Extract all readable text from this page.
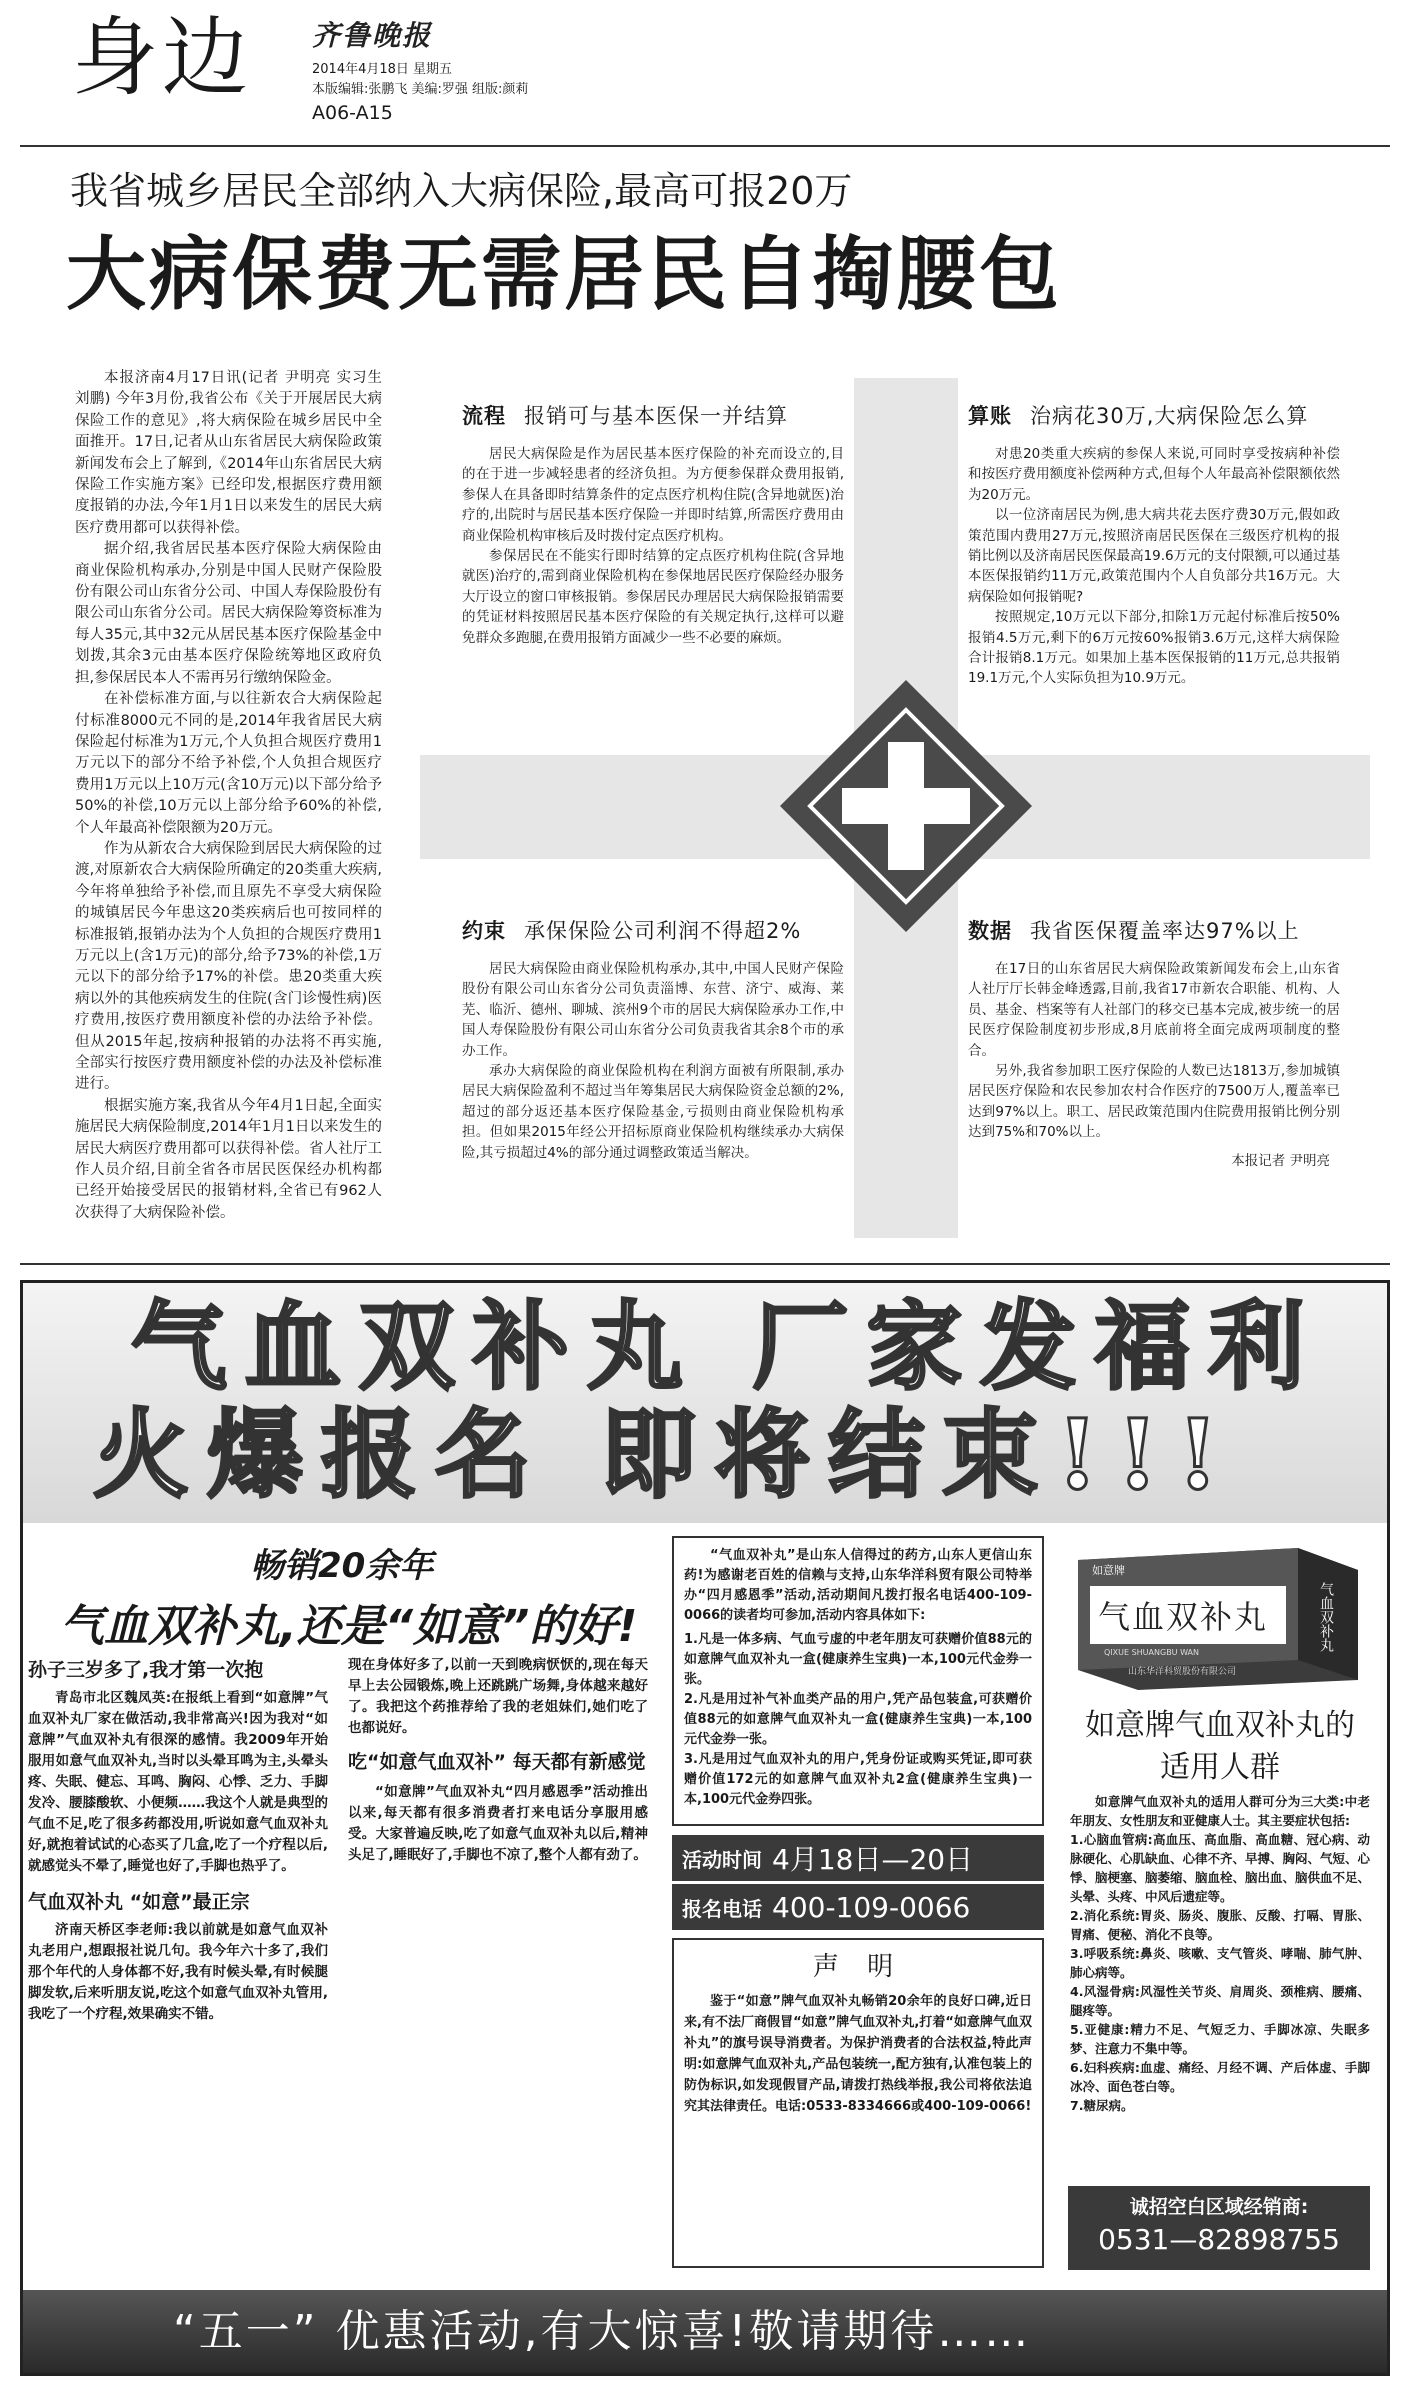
身边 齐鲁晚报
2014年4月18日 星期五
本版编辑:张鹏飞 美编:罗强 组版:颜莉
A06-A15
我省城乡居民全部纳入大病保险,最高可报20万
大病保费无需居民自掏腰包

本报济南4月17日讯(记者 尹明亮 实习生 刘鹏) 今年3月份,我省公布《关于开展居民大病保险工作的意见》,将大病保险在城乡居民中全面推开。17日,记者从山东省居民大病保险政策新闻发布会上了解到,《2014年山东省居民大病保险工作实施方案》已经印发,根据医疗费用额度报销的办法,今年1月1日以来发生的居民大病医疗费用都可以获得补偿。

据介绍,我省居民基本医疗保险大病保险由商业保险机构承办,分别是中国人民财产保险股份有限公司山东省分公司、中国人寿保险股份有限公司山东省分公司。居民大病保险筹资标准为每人35元,其中32元从居民基本医疗保险基金中划拨,其余3元由基本医疗保险统筹地区政府负担,参保居民本人不需再另行缴纳保险金。

在补偿标准方面,与以往新农合大病保险起付标准8000元不同的是,2014年我省居民大病保险起付标准为1万元,个人负担合规医疗费用1万元以下的部分不给予补偿,个人负担合规医疗费用1万元以上10万元(含10万元)以下部分给予50%的补偿,10万元以上部分给予60%的补偿,个人年最高补偿限额为20万元。

作为从新农合大病保险到居民大病保险的过渡,对原新农合大病保险所确定的20类重大疾病,今年将单独给予补偿,而且原先不享受大病保险的城镇居民今年患这20类疾病后也可按同样的标准报销,报销办法为个人负担的合规医疗费用1万元以上(含1万元)的部分,给予73%的补偿,1万元以下的部分给予17%的补偿。患20类重大疾病以外的其他疾病发生的住院(含门诊慢性病)医疗费用,按医疗费用额度补偿的办法给予补偿。但从2015年起,按病种报销的办法将不再实施,全部实行按医疗费用额度补偿的办法及补偿标准进行。

根据实施方案,我省从今年4月1日起,全面实施居民大病保险制度,2014年1月1日以来发生的居民大病医疗费用都可以获得补偿。省人社厅工作人员介绍,目前全省各市居民医保经办机构都已经开始接受居民的报销材料,全省已有962人次获得了大病保险补偿。

流程 报销可与基本医保一并结算

居民大病保险是作为居民基本医疗保险的补充而设立的,目的在于进一步减轻患者的经济负担。为方便参保群众费用报销,参保人在具备即时结算条件的定点医疗机构住院(含异地就医)治疗的,出院时与居民基本医疗保险一并即时结算,所需医疗费用由商业保险机构审核后及时拨付定点医疗机构。

参保居民在不能实行即时结算的定点医疗机构住院(含异地就医)治疗的,需到商业保险机构在参保地居民医疗保险经办服务大厅设立的窗口审核报销。参保居民办理居民大病保险报销需要的凭证材料按照居民基本医疗保险的有关规定执行,这样可以避免群众多跑腿,在费用报销方面减少一些不必要的麻烦。

算账 治病花30万,大病保险怎么算

对患20类重大疾病的参保人来说,可同时享受按病种补偿和按医疗费用额度补偿两种方式,但每个人年最高补偿限额依然为20万元。

以一位济南居民为例,患大病共花去医疗费30万元,假如政策范围内费用27万元,按照济南居民医保在三级医疗机构的报销比例以及济南居民医保最高19.6万元的支付限额,可以通过基本医保报销约11万元,政策范围内个人自负部分共16万元。大病保险如何报销呢?

按照规定,10万元以下部分,扣除1万元起付标准后按50%报销4.5万元,剩下的6万元按60%报销3.6万元,这样大病保险合计报销8.1万元。如果加上基本医保报销的11万元,总共报销19.1万元,个人实际负担为10.9万元。

约束 承保保险公司利润不得超2%

居民大病保险由商业保险机构承办,其中,中国人民财产保险股份有限公司山东省分公司负责淄博、东营、济宁、威海、莱芜、临沂、德州、聊城、滨州9个市的居民大病保险承办工作,中国人寿保险股份有限公司山东省分公司负责我省其余8个市的承办工作。

承办大病保险的商业保险机构在利润方面被有所限制,承办居民大病保险盈利不超过当年筹集居民大病保险资金总额的2%,超过的部分返还基本医疗保险基金,亏损则由商业保险机构承担。但如果2015年经公开招标原商业保险机构继续承办大病保险,其亏损超过4%的部分通过调整政策适当解决。

数据 我省医保覆盖率达97%以上

在17日的山东省居民大病保险政策新闻发布会上,山东省人社厅厅长韩金峰透露,目前,我省17市新农合职能、机构、人员、基金、档案等有人社部门的移交已基本完成,被步统一的居民医疗保险制度初步形成,8月底前将全面完成两项制度的整合。

另外,我省参加职工医疗保险的人数已达1813万,参加城镇居民医疗保险和农民参加农村合作医疗的7500万人,覆盖率已达到97%以上。职工、居民政策范围内住院费用报销比例分别达到75%和70%以上。

本报记者 尹明亮

气血双补丸 厂家发福利
火爆报名 即将结束!!!
畅销20余年
气血双补丸,还是“如意”的好!
孙子三岁多了,我才第一次抱
青岛市北区魏凤英:在报纸上看到“如意牌”气血双补丸厂家在做活动,我非常高兴!因为我对“如意牌”气血双补丸有很深的感情。我2009年开始服用如意气血双补丸,当时以头晕耳鸣为主,头晕头疼、失眠、健忘、耳鸣、胸闷、心悸、乏力、手脚发冷、腰膝酸软、小便频……我这个人就是典型的气血不足,吃了很多药都没用,听说如意气血双补丸好,就抱着试试的心态买了几盒,吃了一个疗程以后,就感觉头不晕了,睡觉也好了,手脚也热乎了。
气血双补丸 “如意”最正宗
济南天桥区李老师:我以前就是如意气血双补丸老用户,想跟报社说几句。我今年六十多了,我们那个年代的人身体都不好,我有时候头晕,有时候腿脚发软,后来听朋友说,吃这个如意气血双补丸管用,我吃了一个疗程,效果确实不错。
现在身体好多了,以前一天到晚病恹恹的,现在每天早上去公园锻炼,晚上还跳跳广场舞,身体越来越好了。我把这个药推荐给了我的老姐妹们,她们吃了也都说好。
吃“如意气血双补” 每天都有新感觉
“如意牌”气血双补丸“四月感恩季”活动推出以来,每天都有很多消费者打来电话分享服用感受。大家普遍反映,吃了如意气血双补丸以后,精神头足了,睡眠好了,手脚也不凉了,整个人都有劲了。
“气血双补丸”是山东人信得过的药方,山东人更信山东药!为感谢老百姓的信赖与支持,山东华洋科贸有限公司特举办“四月感恩季”活动,活动期间凡拨打报名电话400-109-0066的读者均可参加,活动内容具体如下:
1.凡是一体多病、气血亏虚的中老年朋友可获赠价值88元的如意牌气血双补丸一盒(健康养生宝典)一本,100元代金券一张。
2.凡是用过补气补血类产品的用户,凭产品包装盒,可获赠价值88元的如意牌气血双补丸一盒(健康养生宝典)一本,100元代金券一张。
3.凡是用过气血双补丸的用户,凭身份证或购买凭证,即可获赠价值172元的如意牌气血双补丸2盒(健康养生宝典)一本,100元代金券四张。
活动时间 4月18日—20日
报名电话 400-109-0066
声 明
鉴于“如意”牌气血双补丸畅销20余年的良好口碑,近日来,有不法厂商假冒“如意”牌气血双补丸,打着“如意牌气血双补丸”的旗号误导消费者。为保护消费者的合法权益,特此声明:如意牌气血双补丸,产品包装统一,配方独有,认准包装上的防伪标识,如发现假冒产品,请拨打热线举报,我公司将依法追究其法律责任。电话:0533-8334666或400-109-0066!
如意牌
气血双补丸
QIXUE SHUANGBU WAN
山东华洋科贸股份有限公司
气血双补丸
如意牌气血双补丸的
适用人群
如意牌气血双补丸的适用人群可分为三大类:中老年朋友、女性朋友和亚健康人士。其主要症状包括:
1.心脑血管病:高血压、高血脂、高血糖、冠心病、动脉硬化、心肌缺血、心律不齐、早搏、胸闷、气短、心悸、脑梗塞、脑萎缩、脑血栓、脑出血、脑供血不足、头晕、头疼、中风后遗症等。
2.消化系统:胃炎、肠炎、腹胀、反酸、打嗝、胃胀、胃痛、便秘、消化不良等。
3.呼吸系统:鼻炎、咳嗽、支气管炎、哮喘、肺气肿、肺心病等。
4.风湿骨病:风湿性关节炎、肩周炎、颈椎病、腰痛、腿疼等。
5.亚健康:精力不足、气短乏力、手脚冰凉、失眠多梦、注意力不集中等。
6.妇科疾病:血虚、痛经、月经不调、产后体虚、手脚冰冷、面色苍白等。
7.糖尿病。
诚招空白区域经销商:
0531—82898755
“五一” 优惠活动,有大惊喜!敬请期待……
